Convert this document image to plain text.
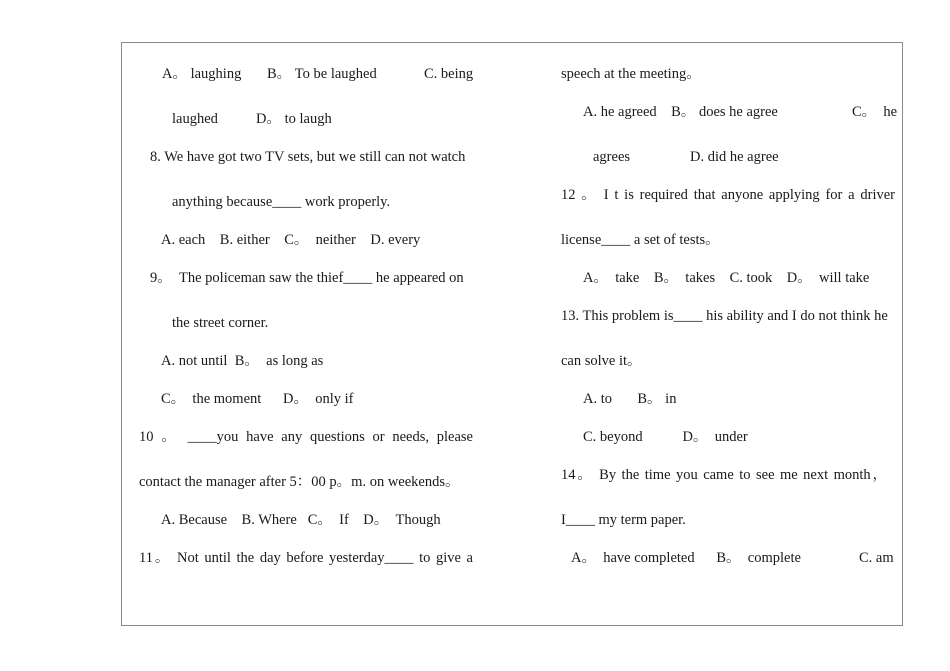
A。 laughing B。 To be laughed	C. being
laughed	D。 to laugh
8. We have got two TV sets, but we still can not watch
anything because____ work properly.
A. each    B. either    C。  neither    D. every
9。  The policeman saw the thief____ he appeared on
the street corner.
A. not until  B。  as long as
C。  the moment      D。  only if
10 。 ____you have any questions or needs, please
contact the manager after 5：00 p。m. on weekends。
A. Because    B. Where   C。  If    D。  Though
11。 Not until the day before yesterday____ to give a
speech at the meeting。
A. he agreed    B。 does he agree	C。  he
agrees	D. did he agree
12 。 I t is required that anyone applying for a driver
license____ a set of tests。
A。  take    B。  takes    C. took    D。  will take
13. This problem is____ his ability and I do not think he
can solve it。
A. to       B。 in
C. beyond           D。  under
14。 By the time you came to see me next month，
I____ my term paper.
A。  have completed      B。  complete	C. am
